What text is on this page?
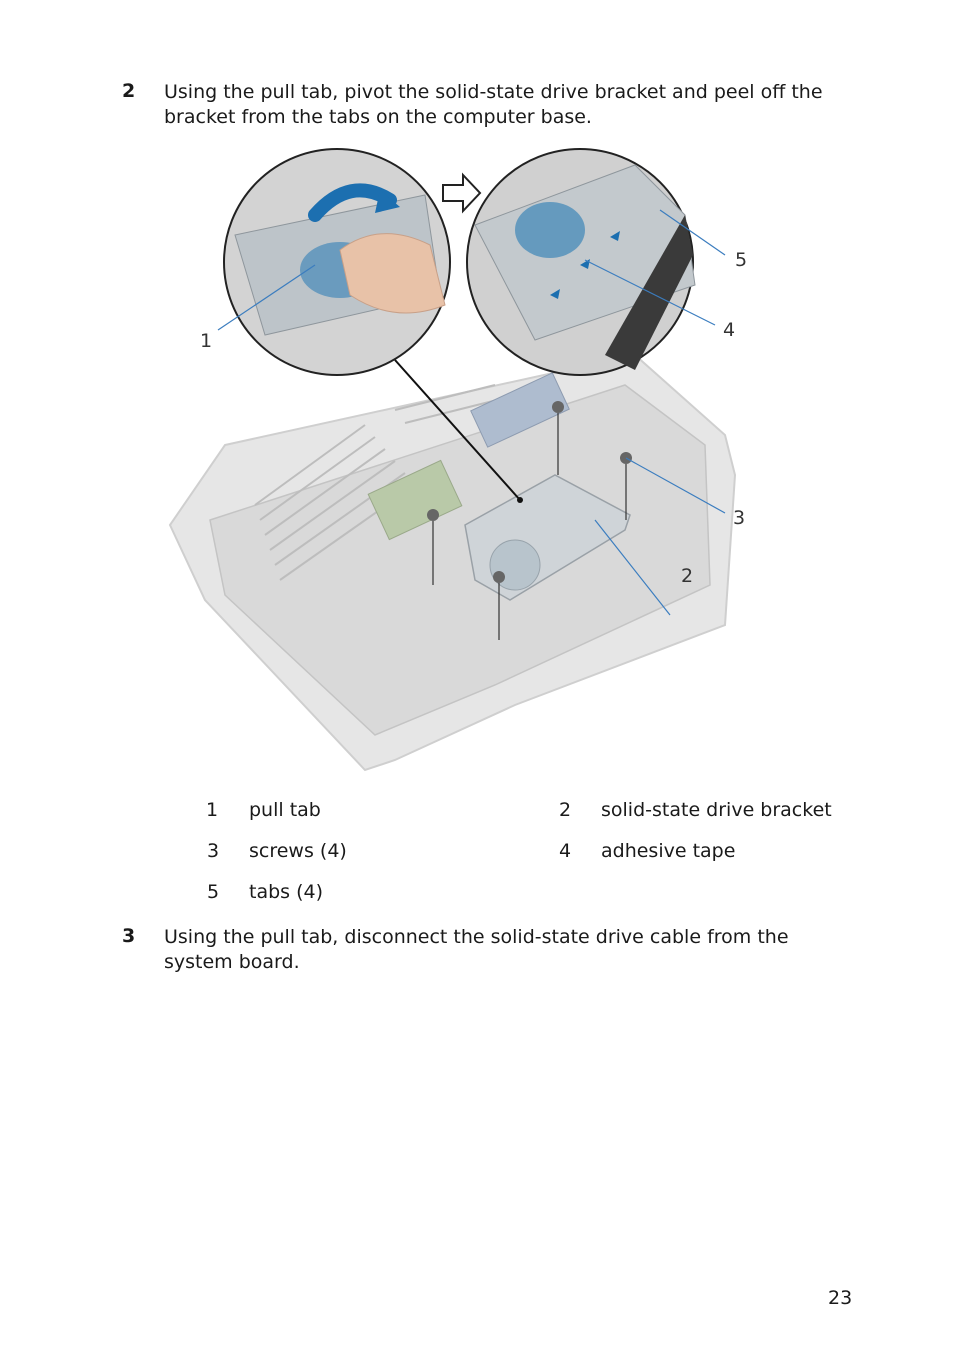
2 Using the pull tab, pivot the solid-state drive bracket and peel off the bracket from the tabs on the computer base.
1
2
3
4
5
1 pull tab	2 solid-state drive bracket
3 screws (4)	4 adhesive tape
5 tabs (4)
3 Using the pull tab, disconnect the solid-state drive cable from the system board.
23
